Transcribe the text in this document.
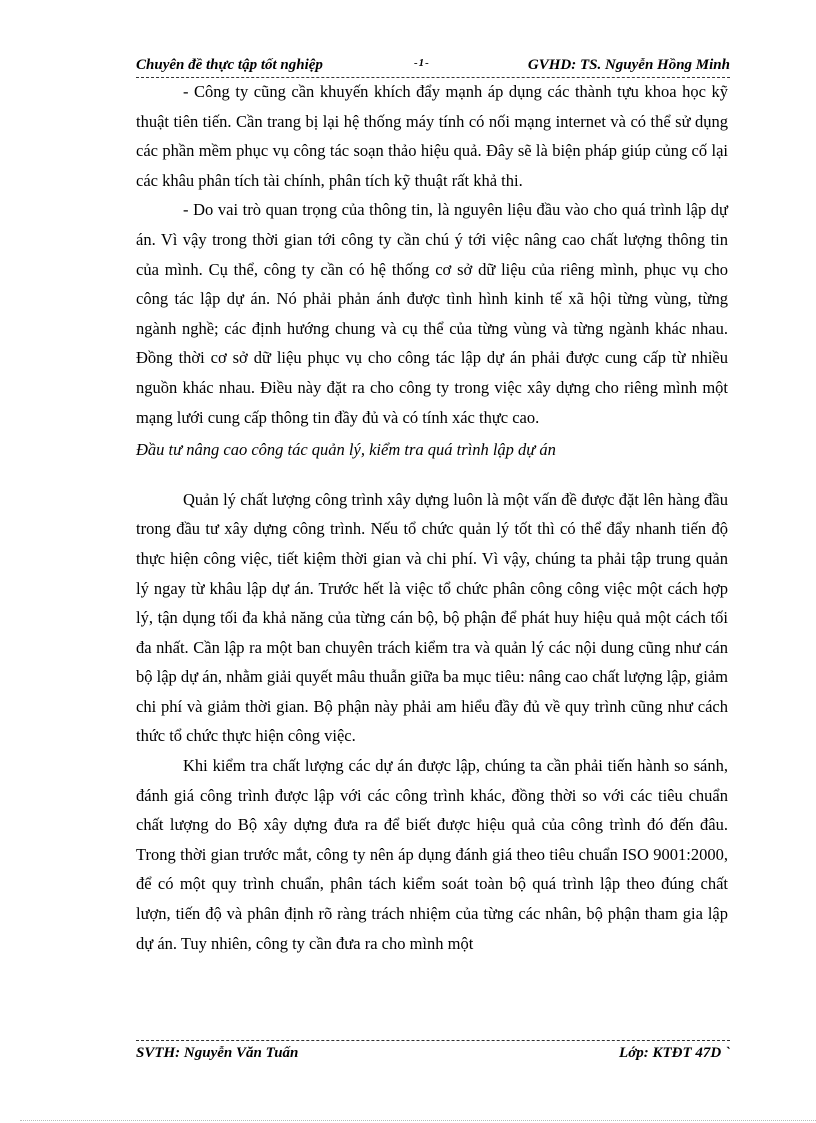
Chuyên đề thực tập tốt nghiệp	-1-	GVHD: TS. Nguyễn Hồng Minh

- Công ty cũng cần khuyến khích đẩy mạnh áp dụng các thành tựu khoa học kỹ thuật tiên tiến. Cần trang bị lại hệ thống máy tính có nối mạng internet và có thể sử dụng các phần mềm phục vụ công tác soạn thảo hiệu quả. Đây sẽ là biện pháp giúp củng cố lại các khâu phân tích tài chính, phân tích kỹ thuật rất khả thi.

- Do vai trò quan trọng của thông tin, là nguyên liệu đầu vào cho quá trình lập dự án. Vì vậy trong thời gian tới công ty cần chú ý tới việc nâng cao chất lượng thông tin của mình. Cụ thể, công ty cần có hệ thống cơ sở dữ liệu của riêng mình, phục vụ cho công tác lập dự án. Nó phải phản ánh được tình hình kinh tế xã hội từng vùng, từng ngành nghề; các định hướng chung và cụ thể của từng vùng và từng ngành khác nhau. Đồng thời cơ sở dữ liệu phục vụ cho công tác lập dự án phải được cung cấp từ nhiều nguồn khác nhau. Điều này đặt ra cho công ty trong việc xây dựng cho riêng mình một mạng lưới cung cấp thông tin đầy đủ và có tính xác thực cao.

Đầu tư nâng cao công tác quản lý, kiểm tra quá trình lập dự án

Quản lý chất lượng công trình xây dựng luôn là một vấn đề được đặt lên hàng đầu trong đầu tư xây dựng công trình. Nếu tổ chức quản lý tốt thì có thể đẩy nhanh tiến độ thực hiện công việc, tiết kiệm thời gian và chi phí. Vì vậy, chúng ta phải tập trung quản lý ngay từ khâu lập dự án. Trước hết là việc tổ chức phân công công việc một cách hợp lý, tận dụng tối đa khả năng của từng cán bộ, bộ phận để phát huy hiệu quả một cách tối đa nhất. Cần lập ra một ban chuyên trách kiểm tra và quản lý các nội dung cũng như cán bộ lập dự án, nhằm giải quyết mâu thuẫn giữa ba mục tiêu: nâng cao chất lượng lập, giảm chi phí và giảm thời gian. Bộ phận này phải am hiểu đầy đủ về quy trình cũng như cách thức tổ chức thực hiện công việc.

Khi kiểm tra chất lượng các dự án được lập, chúng ta cần phải tiến hành so sánh, đánh giá công trình được lập với các công trình khác, đồng thời so với các tiêu chuẩn chất lượng do Bộ xây dựng đưa ra để biết được hiệu quả của công trình đó đến đâu. Trong thời gian trước mắt, công ty nên áp dụng đánh giá theo tiêu chuẩn ISO 9001:2000, để có một quy trình chuẩn, phân tách kiểm soát toàn bộ quá trình lập theo đúng chất lượn, tiến độ và phân định rõ ràng trách nhiệm của từng các nhân, bộ phận tham gia lập dự án. Tuy nhiên, công ty cần đưa ra cho mình một

SVTH: Nguyễn Văn Tuấn	Lớp: KTĐT 47D `
